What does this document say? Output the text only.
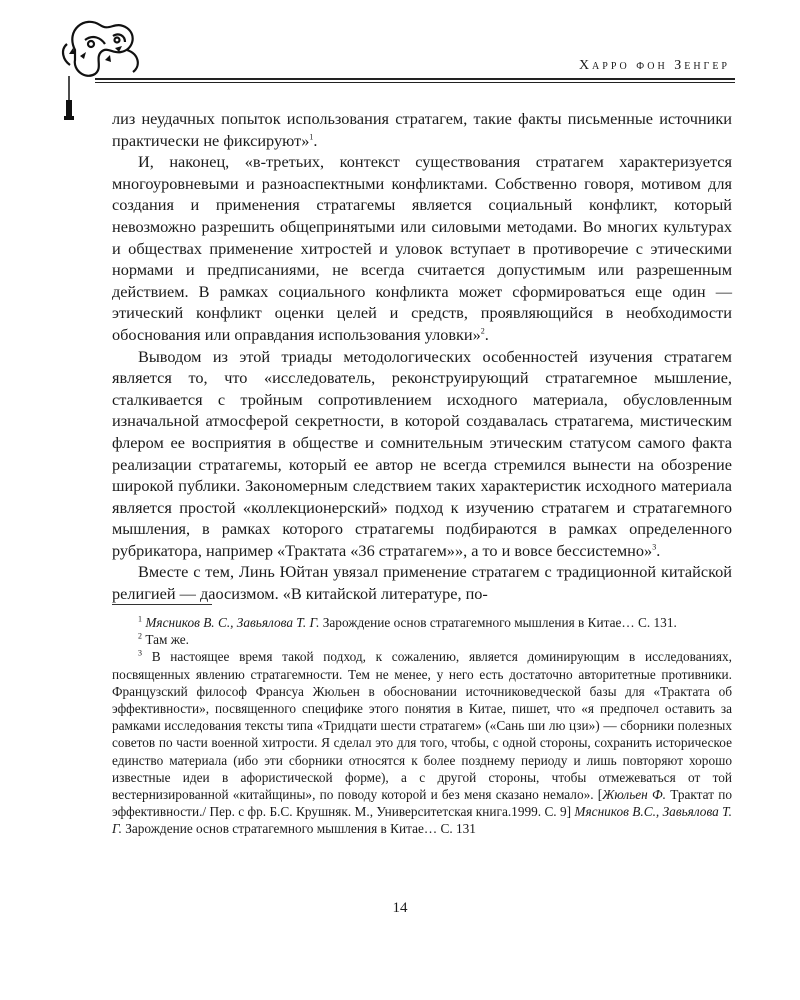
Харро фон Зенгер

лиз неудачных попыток использования стратагем, такие факты письменные источники практически не фиксируют»$^1$.

И, наконец, «в-третьих, контекст существования стратагем характеризуется многоуровневыми и разноаспектными конфликтами. Собственно говоря, мотивом для создания и применения стратагемы является социальный конфликт, который невозможно разрешить общепринятыми или силовыми методами. Во многих культурах и обществах применение хитростей и уловок вступает в противоречие с этическими нормами и предписаниями, не всегда считается допустимым или разрешенным действием. В рамках социального конфликта может сформироваться еще один — этический конфликт оценки целей и средств, проявляющийся в необходимости обоснования или оправдания использования уловки»$^2$.

Выводом из этой триады методологических особенностей изучения стратагем является то, что «исследователь, реконструирующий стратагемное мышление, сталкивается с тройным сопротивлением исходного материала, обусловленным изначальной атмосферой секретности, в которой создавалась стратагема, мистическим флером ее восприятия в обществе и сомнительным этическим статусом самого факта реализации стратагемы, который ее автор не всегда стремился вынести на обозрение широкой публики. Закономерным следствием таких характеристик исходного материала является простой «коллекционерский» подход к изучению стратагем и стратагемного мышления, в рамках которого стратагемы подбираются в рамках определенного рубрикатора, например «Трактата «36 стратагем»», а то и вовсе бессистемно»$^3$.

Вместе с тем, Линь Юйтан увязал применение стратагем с традиционной китайской религией — даосизмом. «В китайской литературе, по-

$^1$ Мясников В. С., Завьялова Т. Г. Зарождение основ стратагемного мышления в Китае… С. 131.

$^2$ Там же.

$^3$ В настоящее время такой подход, к сожалению, является доминирующим в исследованиях, посвященных явлению стратагемности. Тем не менее, у него есть достаточно авторитетные противники. Французский философ Франсуа Жюльен в обосновании источниковедческой базы для «Трактата об эффективности», посвященного специфике этого понятия в Китае, пишет, что «я предпочел оставить за рамками исследования тексты типа «Тридцати шести стратагем» («Сань ши лю цзи») — сборники полезных советов по части военной хитрости. Я сделал это для того, чтобы, с одной стороны, сохранить историческое единство материала (ибо эти сборники относятся к более позднему периоду и лишь повторяют хорошо известные идеи в афористической форме), а с другой стороны, чтобы отмежеваться от той вестернизированной «китайщины», по поводу которой и без меня сказано немало». [Жюльен Ф. Трактат по эффективности./ Пер. с фр. Б.С. Крушняк. М., Университетская книга.1999. С. 9] Мясников В.С., Завьялова Т. Г. Зарождение основ стратагемного мышления в Китае… С. 131

14
